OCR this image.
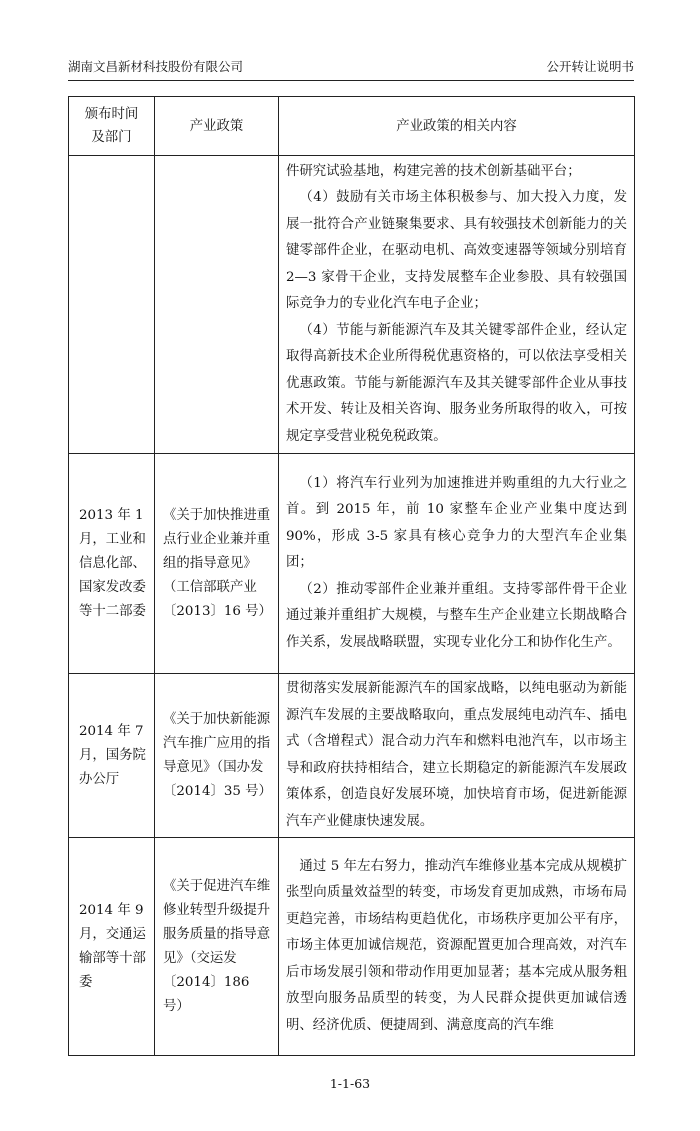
湖南文昌新材科技股份有限公司	公开转让说明书
颁布时间
及部门	产业政策	产业政策的相关内容

		件研究试验基地，构建完善的技术创新基础平台；

（4）鼓励有关市场主体积极参与、加大投入力度，发展一批符合产业链聚集要求、具有较强技术创新能力的关键零部件企业，在驱动电机、高效变速器等领域分别培育 2—3 家骨干企业，支持发展整车企业参股、具有较强国际竞争力的专业化汽车电子企业；

（4）节能与新能源汽车及其关键零部件企业，经认定取得高新技术企业所得税优惠资格的，可以依法享受相关优惠政策。节能与新能源汽车及其关键零部件企业从事技术开发、转让及相关咨询、服务业务所取得的收入，可按规定享受营业税免税政策。

2013 年 1 月，工业和信息化部、国家发改委等十二部委	《关于加快推进重点行业企业兼并重组的指导意见》（工信部联产业〔2013〕16 号）	（1）将汽车行业列为加速推进并购重组的九大行业之首。到 2015 年，前 10 家整车企业产业集中度达到 90%，形成 3-5 家具有核心竞争力的大型汽车企业集团；

（2）推动零部件企业兼并重组。支持零部件骨干企业通过兼并重组扩大规模，与整车生产企业建立长期战略合作关系，发展战略联盟，实现专业化分工和协作化生产。

2014 年 7 月，国务院办公厅	《关于加快新能源汽车推广应用的指导意见》（国办发〔2014〕35 号）	贯彻落实发展新能源汽车的国家战略，以纯电驱动为新能源汽车发展的主要战略取向，重点发展纯电动汽车、插电式（含增程式）混合动力汽车和燃料电池汽车，以市场主导和政府扶持相结合，建立长期稳定的新能源汽车发展政策体系，创造良好发展环境，加快培育市场，促进新能源汽车产业健康快速发展。

2014 年 9 月，交通运输部等十部委	《关于促进汽车维修业转型升级提升服务质量的指导意见》（交运发〔2014〕186 号）	通过 5 年左右努力，推动汽车维修业基本完成从规模扩张型向质量效益型的转变，市场发育更加成熟，市场布局更趋完善，市场结构更趋优化，市场秩序更加公平有序，市场主体更加诚信规范，资源配置更加合理高效，对汽车后市场发展引领和带动作用更加显著；基本完成从服务粗放型向服务品质型的转变，为人民群众提供更加诚信透明、经济优质、便捷周到、满意度高的汽车维

1-1-63
